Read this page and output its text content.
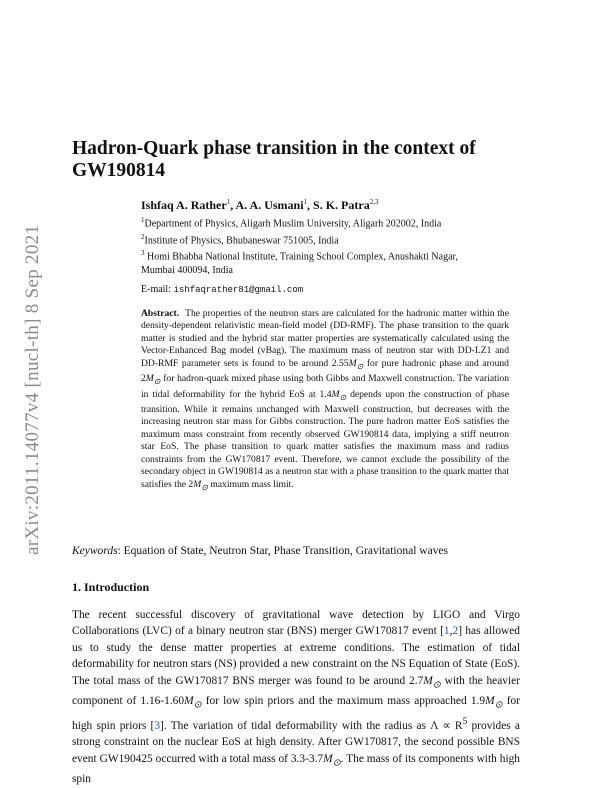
arXiv:2011.14077v4 [nucl-th] 8 Sep 2021
Hadron-Quark phase transition in the context of GW190814
Ishfaq A. Rather$^1$, A. A. Usmani$^1$, S. K. Patra$^{2,3}$
$^1$Department of Physics, Aligarh Muslim University, Aligarh 202002, India
$^2$Institute of Physics, Bhubaneswar 751005, India
$^3$ Homi Bhabha National Institute, Training School Complex, Anushakti Nagar,
Mumbai 400094, India
E-mail: ishfaqrather81@gmail.com

Abstract. The properties of the neutron stars are calculated for the hadronic matter within the density-dependent relativistic mean-field model (DD-RMF). The phase transition to the quark matter is studied and the hybrid star matter properties are systematically calculated using the Vector-Enhanced Bag model (vBag). The maximum mass of neutron star with DD-LZ1 and DD-RMF parameter sets is found to be around $2.55M_⊙$ for pure hadronic phase and around $2M_⊙$ for hadron-quark mixed phase using both Gibbs and Maxwell construction. The variation in tidal deformability for the hybrid EoS at $1.4M_⊙$ depends upon the construction of phase transition. While it remains unchanged with Maxwell construction, but decreases with the increasing neutron star mass for Gibbs construction. The pure hadron matter EoS satisfies the maximum mass constraint from recently observed GW190814 data, implying a stiff neutron star EoS. The phase transition to quark matter satisfies the maximum mass and radius constraints from the GW170817 event. Therefore, we cannot exclude the possibility of the secondary object in GW190814 as a neutron star with a phase transition to the quark matter that satisfies the $2M_⊙$ maximum mass limit.

Keywords: Equation of State, Neutron Star, Phase Transition, Gravitational waves
1. Introduction

The recent successful discovery of gravitational wave detection by LIGO and Virgo Collaborations (LVC) of a binary neutron star (BNS) merger GW170817 event [1,2] has allowed us to study the dense matter properties at extreme conditions. The estimation of tidal deformability for neutron stars (NS) provided a new constraint on the NS Equation of State (EoS). The total mass of the GW170817 BNS merger was found to be around $2.7M_⊙$ with the heavier component of $1.16-1.60M_⊙$ for low spin priors and the maximum mass approached $1.9M_⊙$ for high spin priors [3]. The variation of tidal deformability with the radius as $\Lambda \propto R^5$ provides a strong constraint on the nuclear EoS at high density. After GW170817, the second possible BNS event GW190425 occurred with a total mass of $3.3-3.7M_⊙$. The mass of its components with high spin
